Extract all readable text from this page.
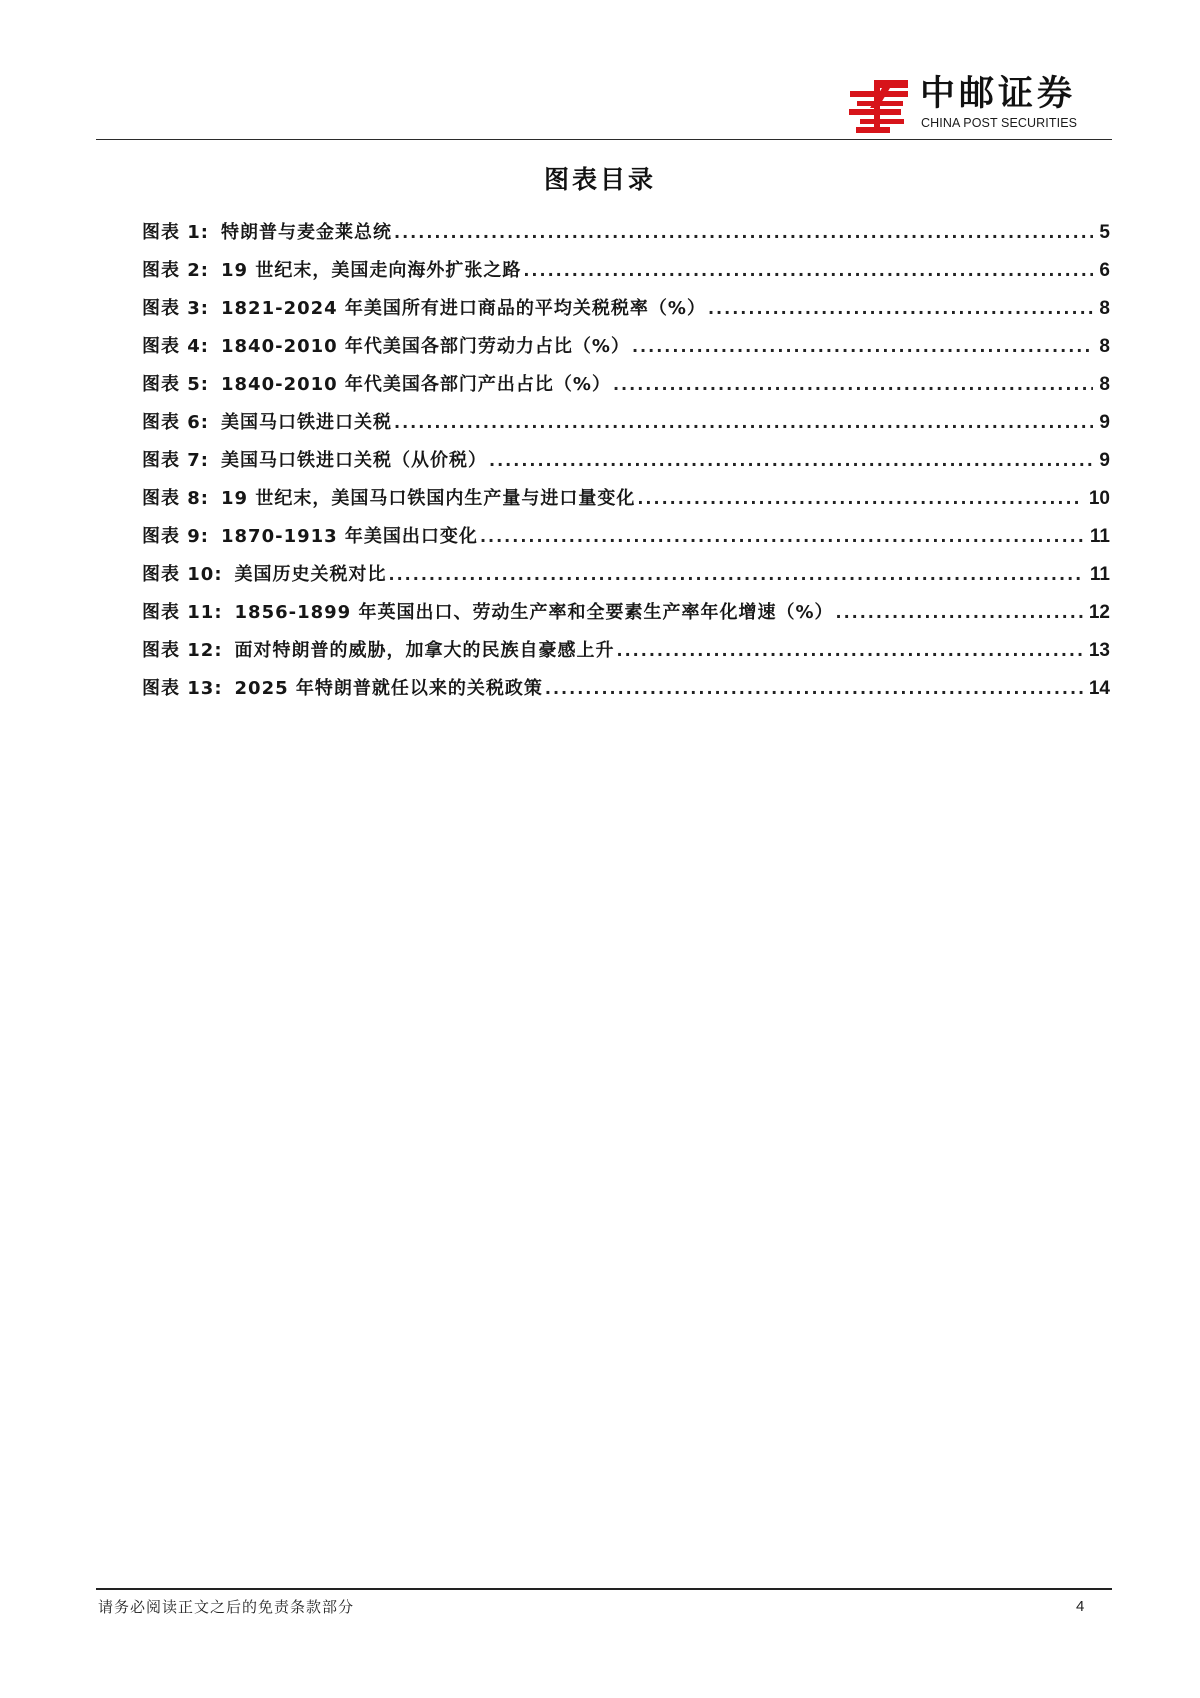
中邮证券
CHINA POST SECURITIES
图表目录
图表 1: 特朗普与麦金莱总统 .....	5
图表 2: 19 世纪末，美国走向海外扩张之路 .....	6
图表 3: 1821-2024 年美国所有进口商品的平均关税税率（%） .....	8
图表 4: 1840-2010 年代美国各部门劳动力占比（%） .....	8
图表 5: 1840-2010 年代美国各部门产出占比（%） .....	8
图表 6: 美国马口铁进口关税 .....	9
图表 7: 美国马口铁进口关税（从价税） .....	9
图表 8: 19 世纪末，美国马口铁国内生产量与进口量变化 .....	10
图表 9: 1870-1913 年美国出口变化 .....	11
图表 10: 美国历史关税对比 .....	11
图表 11: 1856-1899 年英国出口、劳动生产率和全要素生产率年化增速（%） .....	12
图表 12: 面对特朗普的威胁，加拿大的民族自豪感上升 .....	13
图表 13: 2025 年特朗普就任以来的关税政策 .....	14
请务必阅读正文之后的免责条款部分	4
